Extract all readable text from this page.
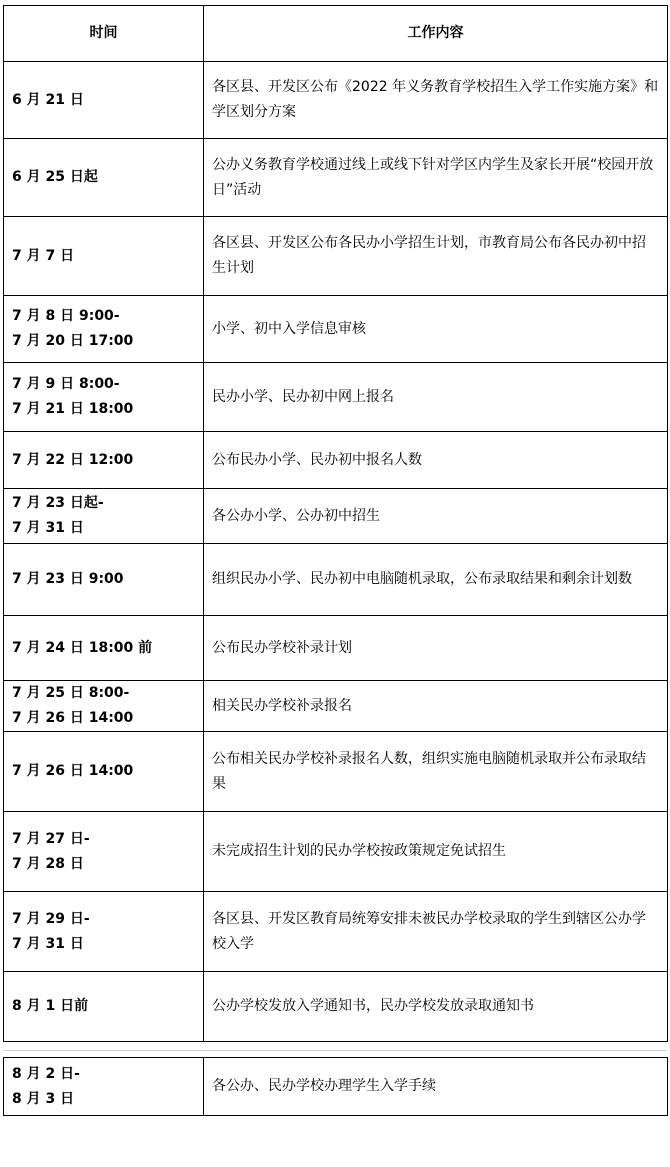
时间	工作内容
6 月 21 日	各区县、开发区公布《2022 年义务教育学校招生入学工作实施方案》和学区划分方案
6 月 25 日起	公办义务教育学校通过线上或线下针对学区内学生及家长开展“校园开放日”活动
7 月 7 日	各区县、开发区公布各民办小学招生计划，市教育局公布各民办初中招生计划
7 月 8 日 9:00-
7 月 20 日 17:00	小学、初中入学信息审核
7 月 9 日 8:00-
7 月 21 日 18:00	民办小学、民办初中网上报名
7 月 22 日 12:00	公布民办小学、民办初中报名人数
7 月 23 日起-
7 月 31 日	各公办小学、公办初中招生
7 月 23 日 9:00	组织民办小学、民办初中电脑随机录取，公布录取结果和剩余计划数
7 月 24 日 18:00 前	公布民办学校补录计划
7 月 25 日 8:00-
7 月 26 日 14:00	相关民办学校补录报名
7 月 26 日 14:00	公布相关民办学校补录报名人数，组织实施电脑随机录取并公布录取结果
7 月 27 日-
7 月 28 日	未完成招生计划的民办学校按政策规定免试招生
7 月 29 日-
7 月 31 日	各区县、开发区教育局统筹安排未被民办学校录取的学生到辖区公办学校入学
8 月 1 日前	公办学校发放入学通知书，民办学校发放录取通知书
8 月 2 日-
8 月 3 日	各公办、民办学校办理学生入学手续
